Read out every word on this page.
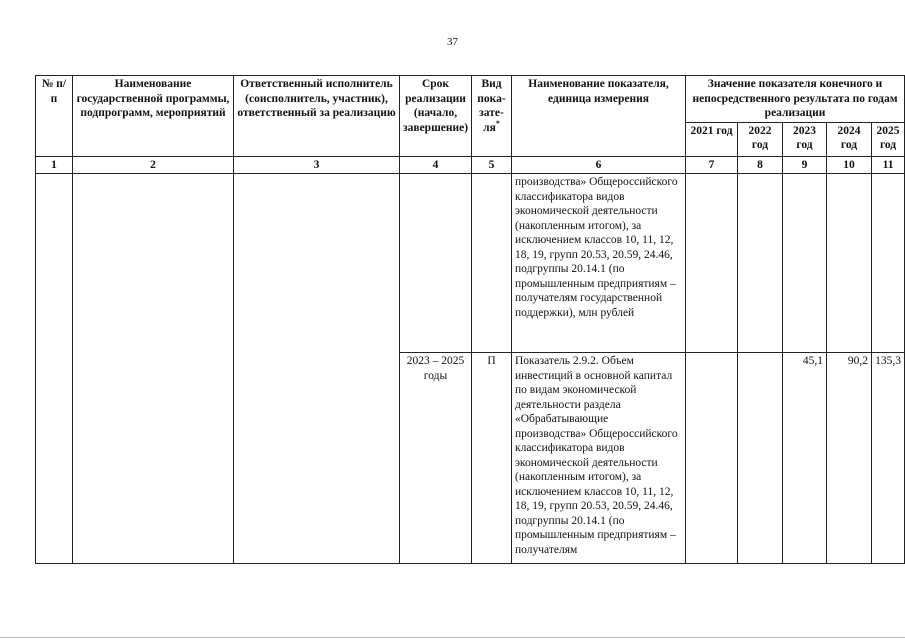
37
№ п/п	Наименование государственной программы, подпрограмм, мероприятий	Ответственный исполнитель (соисполнитель, участник), ответственный за реализацию	Срок реализации (начало, завершение)	Вид пока-зате-ля*	Наименование показателя, единица измерения	Значение показателя конечного и непосредственного результата по годам реализации				
						2021 год	2022 год	2023 год	2024 год	2025 год
1	2	3	4	5	6	7	8	9	10	11
					производства» Общероссийского классификатора видов экономической деятельности (накопленным итогом), за исключением классов 10, 11, 12, 18, 19, групп 20.53, 20.59, 24.46, подгруппы 20.14.1 (по промышленным предприятиям – получателям государственной поддержки), млн рублей					
			2023 – 2025 годы	П	Показатель 2.9.2. Объем инвестиций в основной капитал по видам экономической деятельности раздела «Обрабатывающие производства» Общероссийского классификатора видов экономической деятельности (накопленным итогом), за исключением классов 10, 11, 12, 18, 19, групп 20.53, 20.59, 24.46, подгруппы 20.14.1 (по промышленным предприятиям – получателям			45,1	90,2	135,3
